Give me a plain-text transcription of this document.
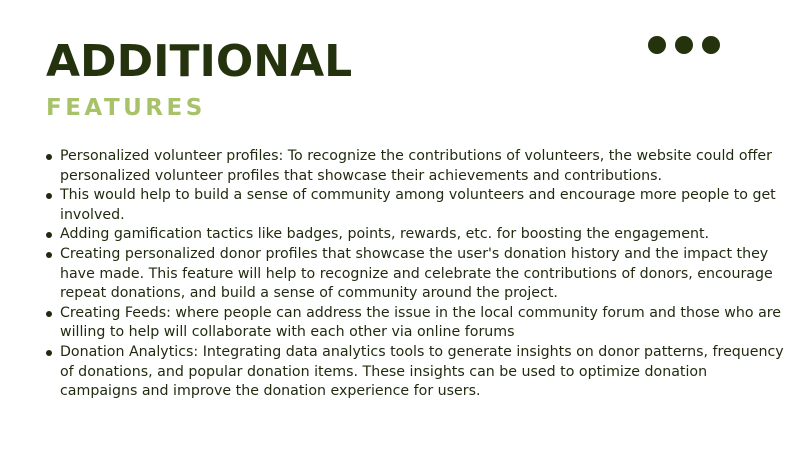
ADDITIONAL
FEATURES
Personalized volunteer profiles: To recognize the contributions of volunteers, the website could offer personalized volunteer profiles that showcase their achievements and contributions.
This would help to build a sense of community among volunteers and encourage more people to get involved.
Adding gamification tactics like badges, points, rewards, etc. for boosting the engagement.
Creating personalized donor profiles that showcase the user's donation history and the impact they have made. This feature will help to recognize and celebrate the contributions of donors, encourage repeat donations, and build a sense of community around the project.
Creating Feeds: where people can address the issue in the local community forum and those who are willing to help will collaborate with each other via online forums
Donation Analytics: Integrating data analytics tools to generate insights on donor patterns, frequency of donations, and popular donation items. These insights can be used to optimize donation campaigns and improve the donation experience for users.
